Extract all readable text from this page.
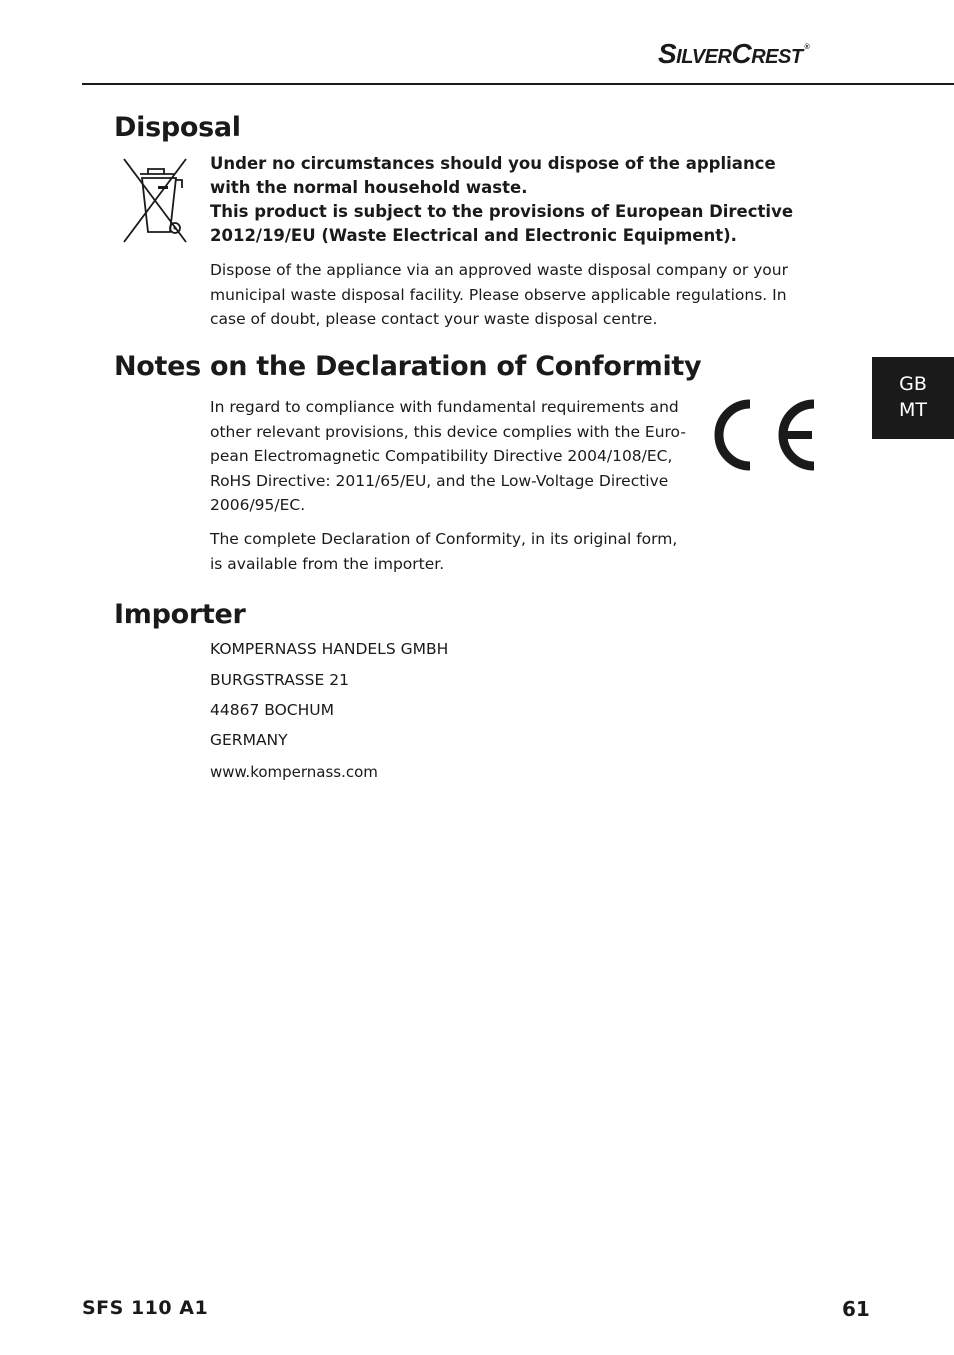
SilverCrest ®
Disposal
Under no circumstances should you dispose of the appliance
with the normal household waste.
This product is subject to the provisions of European Directive
2012/19/EU (Waste Electrical and Electronic Equipment).
Dispose of the appliance via an approved waste disposal company or your
municipal waste disposal facility. Please observe applicable regulations. In
case of doubt, please contact your waste disposal centre.
Notes on the Declaration of Conformity
In regard to compliance with fundamental requirements and
other relevant provisions, this device complies with the Euro-
pean Electromagnetic Compatibility Directive 2004/108/EC,
RoHS Directive: 2011/65/EU, and the Low-Voltage Directive
2006/95/EC.
The complete Declaration of Conformity, in its original form,
is available from the importer.
Importer
KOMPERNASS HANDELS GMBH
BURGSTRASSE 21
44867 BOCHUM
GERMANY
www.kompernass.com
GB
MT
SFS 110 A1	61
